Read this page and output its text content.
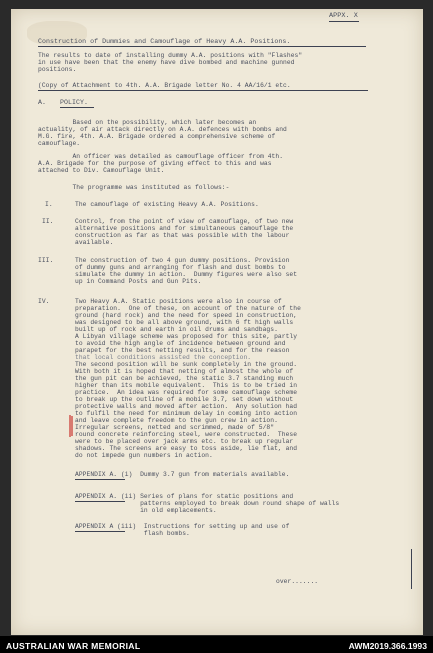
APPX. X
Construction of Dummies and Camouflage of Heavy A.A. Positions.
The results to date of installing dummy A.A. positions with "Flashes"
in use have been that the enemy have dive bombed and machine gunned
positions.
(Copy of Attachment to 4th. A.A. Brigade letter No. 4 AA/16/1 etc.
A. POLICY.
Based on the possibility, which later becomes an
actuality, of air attack directly on A.A. defences with bombs and
M.G. fire, 4th. A.A. Brigade ordered a comprehensive scheme of
camouflage.
An officer was detailed as camouflage officer from 4th.
A.A. Brigade for the purpose of giving effect to this and was
attached to Div. Camouflage Unit.
The programme was instituted as follows:-
I.	The camouflage of existing Heavy A.A. Positions.
II.	Control, from the point of view of camouflage, of two new
alternative positions and for simultaneous camouflage the
construction as far as that was possible with the labour
available.
III.	The construction of two 4 gun dummy positions. Provision
of dummy guns and arranging for flash and dust bombs to
simulate the dummy in action.  Dummy figures were also set
up in Command Posts and Gun Pits.
IV.	Two Heavy A.A. Static positions were also in course of
preparation.  One of these, on account of the nature of the
ground (hard rock) and the need for speed in construction,
was designed to be all above ground, with 6 ft high walls
built up of rock and earth in oil drums and sandbags.
A Libyan village scheme was proposed for this site, partly
to avoid the high angle of incidence between ground and
parapet for the best netting results, and for the reason
that local conditions assisted the conception.
The second position will be sunk completely in the ground.
With both it is hoped that netting of almost the whole of
the gun pit can be achieved, the static 3.7 standing much
higher than its mobile equivalent.  This is to be tried in
practice.  An idea was required for some camouflage scheme
to break up the outline of a mobile 3.7, set down without
protective walls and moved after action.  Any solution had
to fulfil the need for minimum delay in coming into action
and leave complete freedom to the gun crew in action.
Irregular screens, netted and scrimmed, made of 5/8"
round concrete reinforcing steel, were constructed.  These
were to be placed over jack arms etc. to break up regular
shadows. The screens are easy to toss aside, lie flat, and
do not impede gun numbers in action.
APPENDIX A. (i)  Dummy 3.7 gun from materials available.
APPENDIX A. (ii) Series of plans for static positions and
patterns employed to break down round shape of walls
in old emplacements.
APPENDIX A (iii)  Instructions for setting up and use of
flash bombs.
over.......
AUSTRALIAN WAR MEMORIAL	AWM2019.366.1993
